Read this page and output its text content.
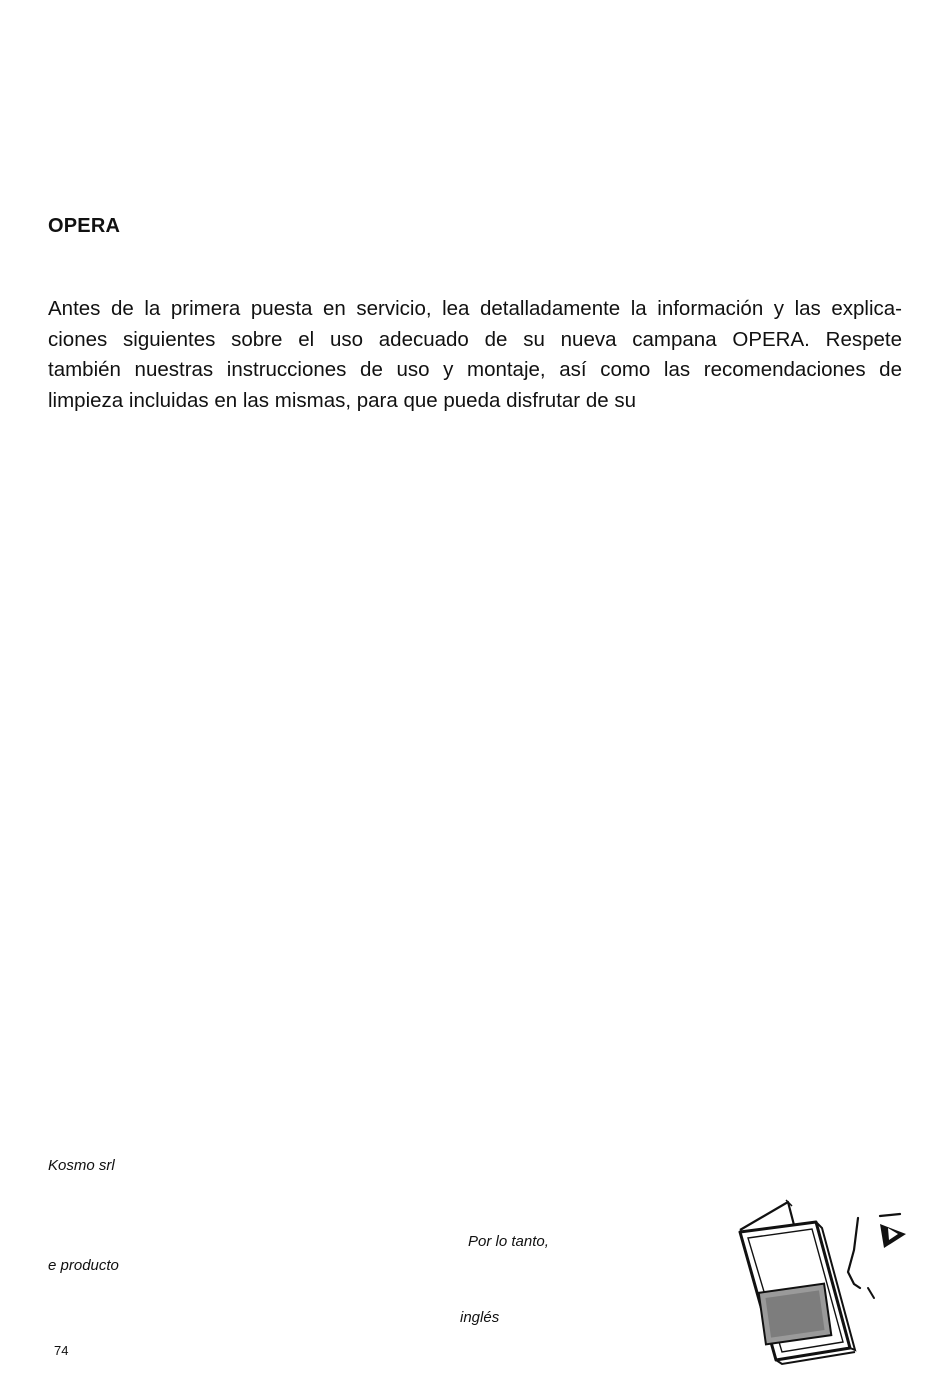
OPERA
Antes de la primera puesta en servicio, lea detalladamente la información y las explica-
ciones siguientes sobre el uso adecuado de su nueva campana OPERA. Respete
también nuestras instrucciones de uso y montaje, así como las recomendaciones de
limpieza incluidas en las mismas, para que pueda disfrutar de su
Kosmo srl
Por lo tanto,
e producto
inglés
74
